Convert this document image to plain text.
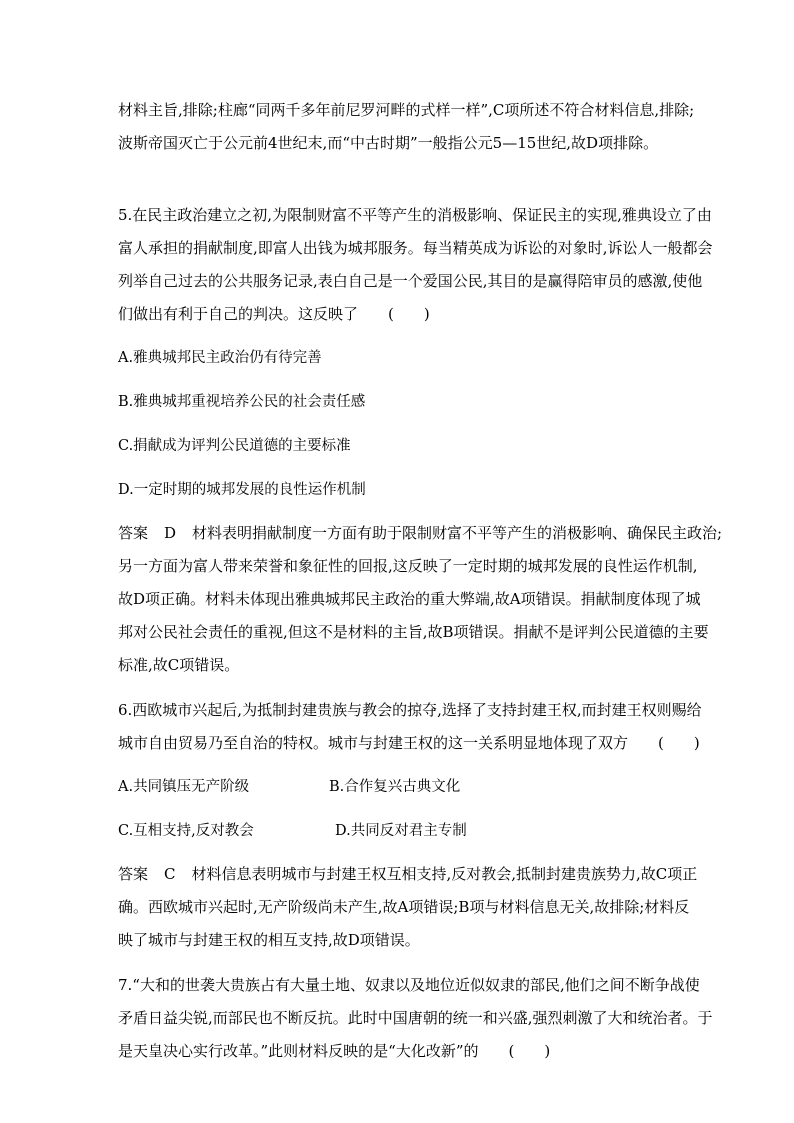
材料主旨,排除;柱廊“同两千多年前尼罗河畔的式样一样”,C项所述不符合材料信息,排除;
波斯帝国灭亡于公元前4世纪末,而“中古时期”一般指公元5—15世纪,故D项排除。
5.在民主政治建立之初,为限制财富不平等产生的消极影响、保证民主的实现,雅典设立了由
富人承担的捐献制度,即富人出钱为城邦服务。每当精英成为诉讼的对象时,诉讼人一般都会
列举自己过去的公共服务记录,表白自己是一个爱国公民,其目的是赢得陪审员的感激,使他
们做出有利于自己的判决。这反映了　　(　　)
A.雅典城邦民主政治仍有待完善
B.雅典城邦重视培养公民的社会责任感
C.捐献成为评判公民道德的主要标准
D.一定时期的城邦发展的良性运作机制
答案 D 材料表明捐献制度一方面有助于限制财富不平等产生的消极影响、确保民主政治;
另一方面为富人带来荣誉和象征性的回报,这反映了一定时期的城邦发展的良性运作机制,
故D项正确。材料未体现出雅典城邦民主政治的重大弊端,故A项错误。捐献制度体现了城
邦对公民社会责任的重视,但这不是材料的主旨,故B项错误。捐献不是评判公民道德的主要
标准,故C项错误。
6.西欧城市兴起后,为抵制封建贵族与教会的掠夺,选择了支持封建王权,而封建王权则赐给
城市自由贸易乃至自治的特权。城市与封建王权的这一关系明显地体现了双方　　(　　)
A.共同镇压无产阶级	B.合作复兴古典文化
C.互相支持,反对教会	D.共同反对君主专制
答案 C 材料信息表明城市与封建王权互相支持,反对教会,抵制封建贵族势力,故C项正
确。西欧城市兴起时,无产阶级尚未产生,故A项错误;B项与材料信息无关,故排除;材料反
映了城市与封建王权的相互支持,故D项错误。
7.“大和的世袭大贵族占有大量土地、奴隶以及地位近似奴隶的部民,他们之间不断争战使
矛盾日益尖锐,而部民也不断反抗。此时中国唐朝的统一和兴盛,强烈刺激了大和统治者。于
是天皇决心实行改革。”此则材料反映的是“大化改新”的　　(　　)
